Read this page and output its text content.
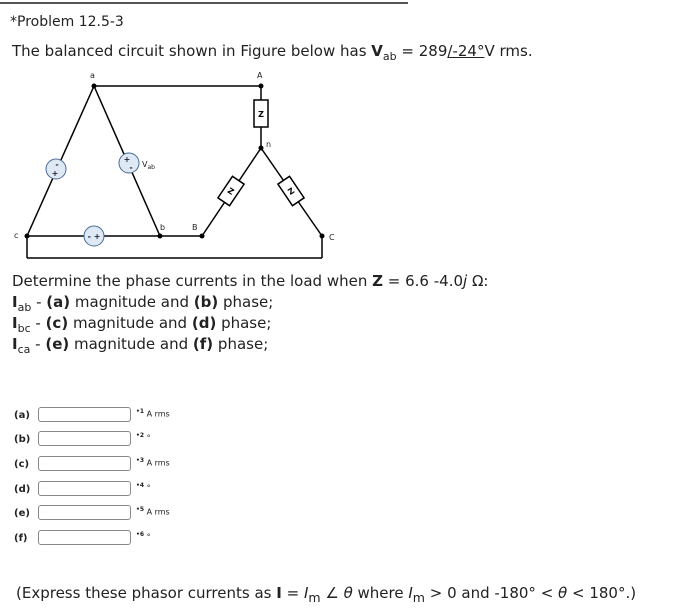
*Problem 12.5-3
The balanced circuit shown in Figure below has $V_{ab} = 289/-24^\circ V$ rms.
-
+
+
-
- +
Z
Z	Z
a	A
n
b	B
c	C
$V_{ab}$
Determine the phase currents in the load when Z = 6.6 -4.0j Ω:
$I_{ab} - (a)$ magnitude and (b) phase;
$I_{bc} - (c)$ magnitude and (d) phase;
$I_{ca} - (e)$ magnitude and (f) phase;
(a)	$^{•1}$ A rms
(b)	$^{•2}$ °
(c)	$^{•3}$ A rms
(d)	$^{•4}$ °
(e)	$^{•5}$ A rms
(f)	$^{•6}$ °
(Express these phasor currents as $I = I_m$ ∠ θ where $I_m > 0$ and -180° < θ < 180°.)
